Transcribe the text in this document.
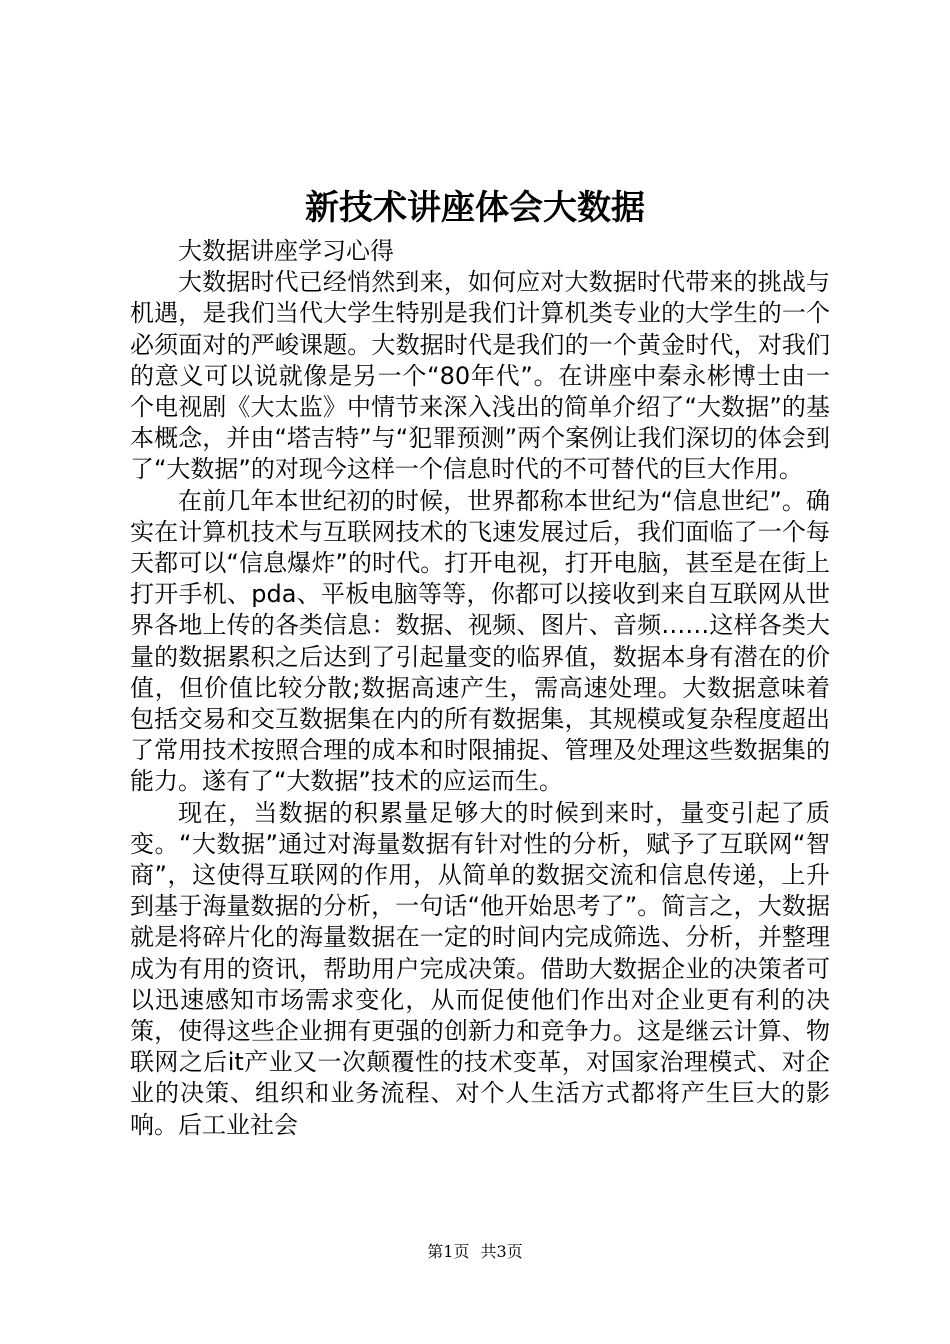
新技术讲座体会大数据

大数据讲座学习心得

大数据时代已经悄然到来，如何应对大数据时代带来的挑战与机遇，是我们当代大学生特别是我们计算机类专业的大学生的一个必须面对的严峻课题。大数据时代是我们的一个黄金时代，对我们的意义可以说就像是另一个“80年代”。在讲座中秦永彬博士由一个电视剧《大太监》中情节来深入浅出的简单介绍了“大数据”的基本概念，并由“塔吉特”与“犯罪预测”两个案例让我们深切的体会到了“大数据”的对现今这样一个信息时代的不可替代的巨大作用。

在前几年本世纪初的时候，世界都称本世纪为“信息世纪”。确实在计算机技术与互联网技术的飞速发展过后，我们面临了一个每天都可以“信息爆炸”的时代。打开电视，打开电脑，甚至是在街上打开手机、pda、平板电脑等等，你都可以接收到来自互联网从世界各地上传的各类信息：数据、视频、图片、音频……这样各类大量的数据累积之后达到了引起量变的临界值，数据本身有潜在的价值，但价值比较分散;数据高速产生，需高速处理。大数据意味着包括交易和交互数据集在内的所有数据集，其规模或复杂程度超出了常用技术按照合理的成本和时限捕捉、管理及处理这些数据集的能力。遂有了“大数据”技术的应运而生。

现在，当数据的积累量足够大的时候到来时，量变引起了质变。“大数据”通过对海量数据有针对性的分析，赋予了互联网“智商”，这使得互联网的作用，从简单的数据交流和信息传递，上升到基于海量数据的分析，一句话“他开始思考了”。简言之，大数据就是将碎片化的海量数据在一定的时间内完成筛选、分析，并整理成为有用的资讯，帮助用户完成决策。借助大数据企业的决策者可以迅速感知市场需求变化，从而促使他们作出对企业更有利的决策，使得这些企业拥有更强的创新力和竞争力。这是继云计算、物联网之后it产业又一次颠覆性的技术变革，对国家治理模式、对企业的决策、组织和业务流程、对个人生活方式都将产生巨大的影响。后工业社会

第1页 共3页
